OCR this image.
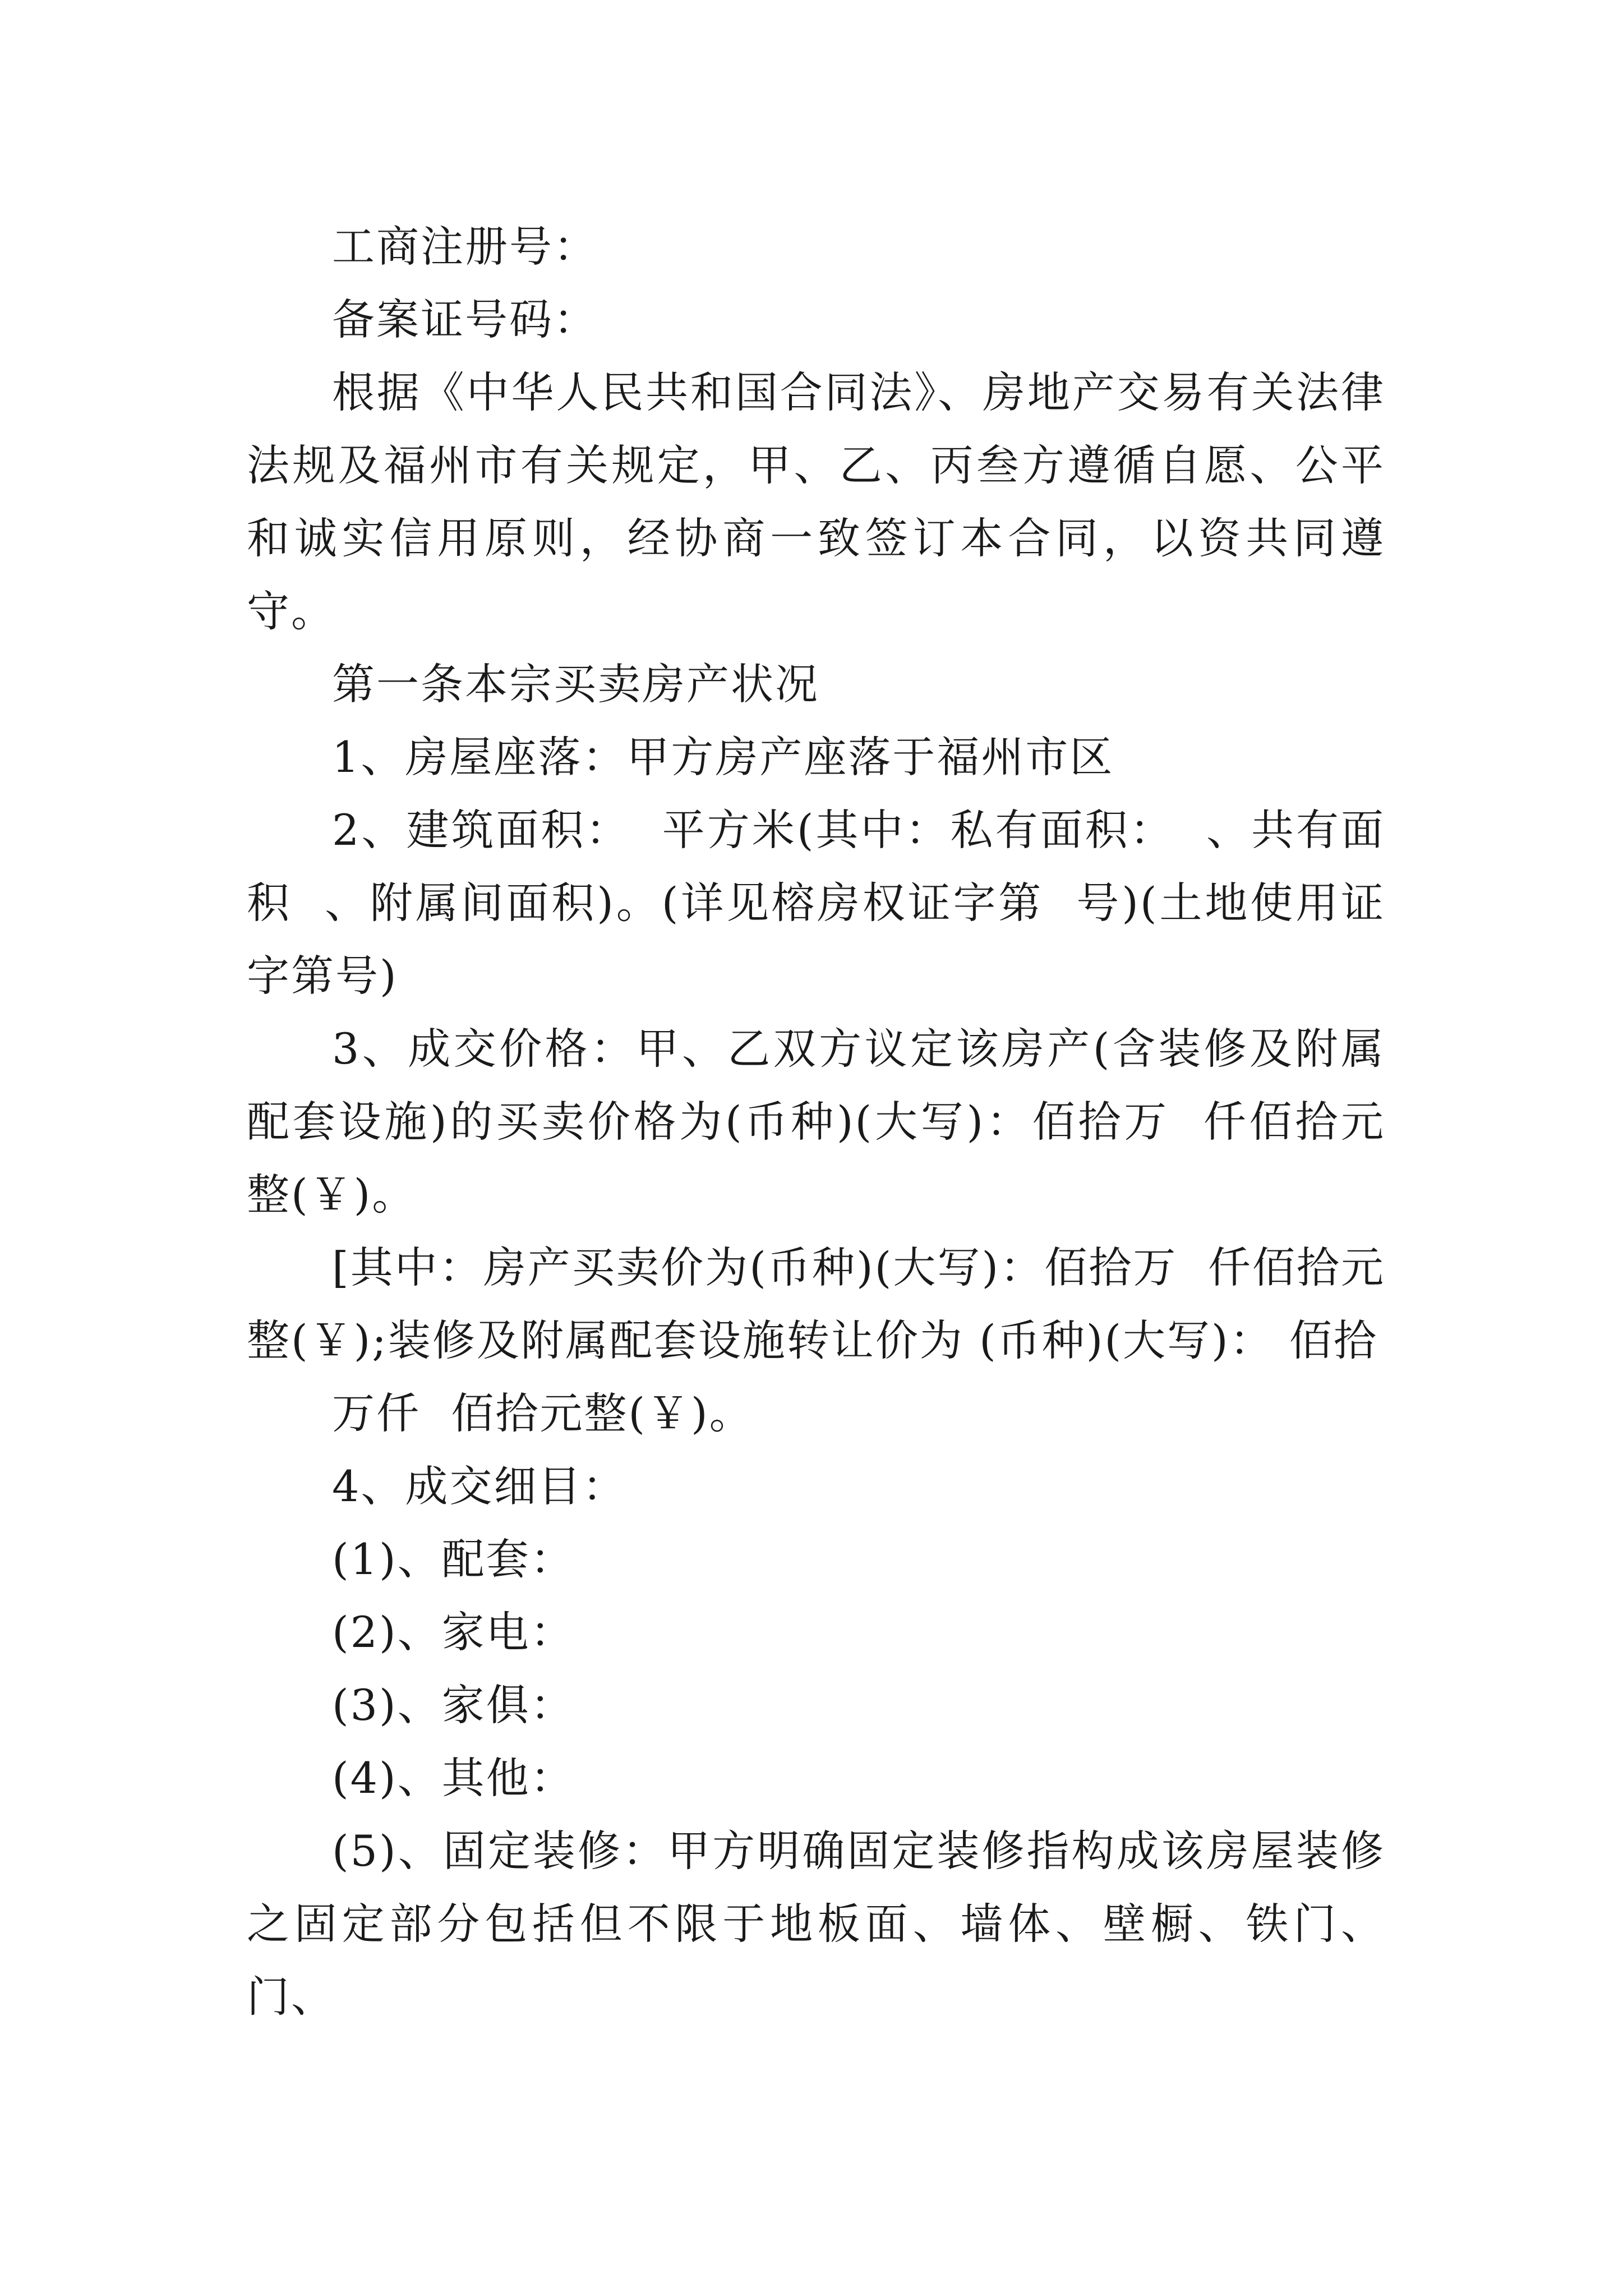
工商注册号：

备案证号码：

根据《中华人民共和国合同法》、房地产交易有关法律法规及福州市有关规定，甲、乙、丙叁方遵循自愿、公平和诚实信用原则，经协商一致签订本合同，以资共同遵守。

第一条本宗买卖房产状况

1、房屋座落：甲方房产座落于福州市区

2、建筑面积：  平方米(其中：私有面积：  、共有面积  、附属间面积)。(详见榕房权证字第  号)(土地使用证字第号)

3、成交价格：甲、乙双方议定该房产(含装修及附属配套设施)的买卖价格为(币种)(大写)：佰拾万  仟佰拾元整(￥)。

[其中：房产买卖价为(币种)(大写)：佰拾万  仟佰拾元整(￥);装修及附属配套设施转让价为 (币种)(大写)： 佰拾

万仟  佰拾元整(￥)。

4、成交细目：

(1)、配套：

(2)、家电：

(3)、家俱：

(4)、其他：

(5)、固定装修：甲方明确固定装修指构成该房屋装修之固定部分包括但不限于地板面、墙体、壁橱、铁门、门、
